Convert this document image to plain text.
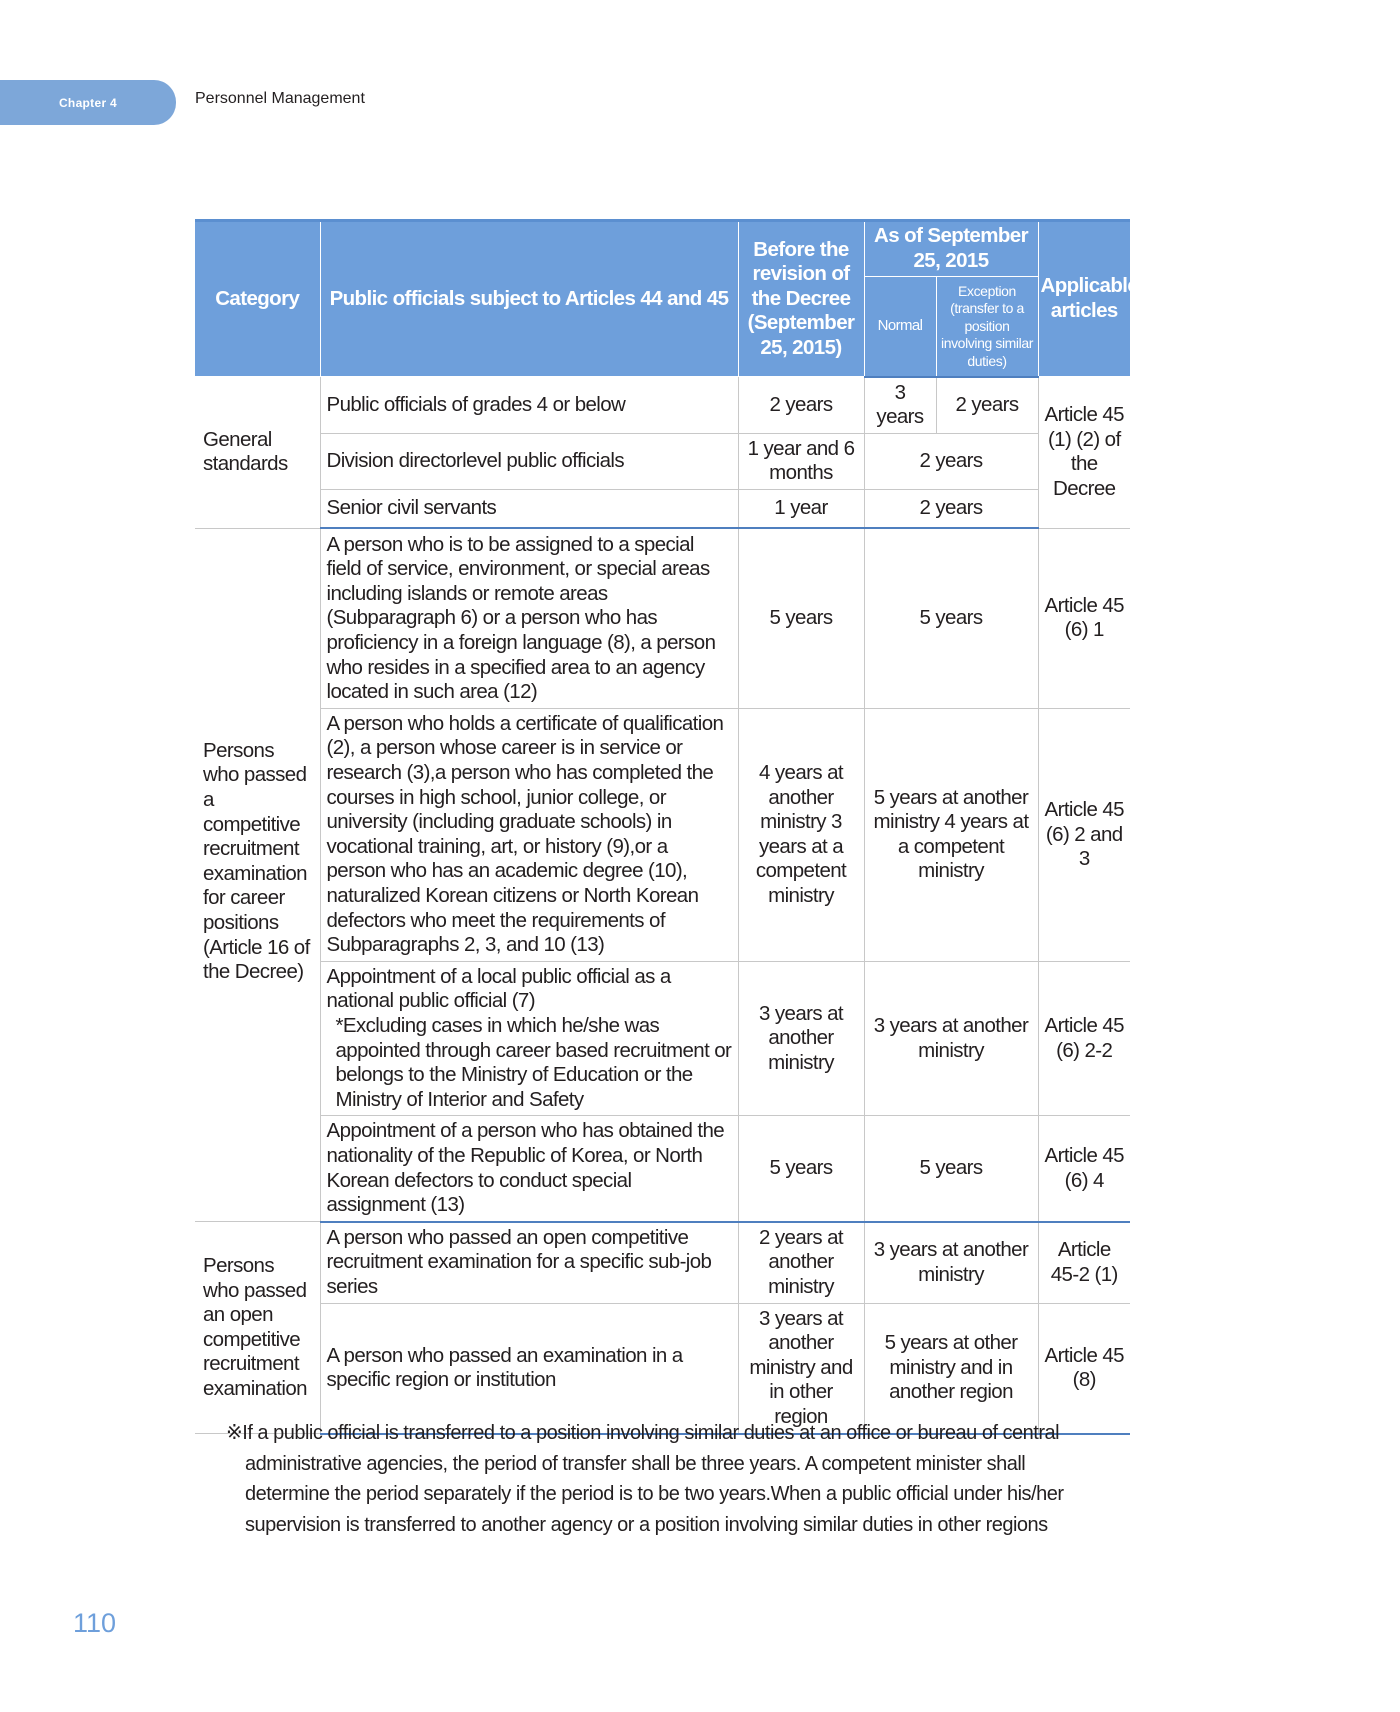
Chapter 4	Personnel Management
Category	Public officials subject to Articles 44 and 45	Before the revision of the Decree (September 25, 2015)	As of September 25, 2015		Applicable articles
			Normal	Exception (transfer to a position involving similar duties)	
General standards	Public officials of grades 4 or below	2 years	3 years	2 years	Article 45 (1) (2) of the Decree
	Division directorlevel public officials	1 year and 6 months	2 years		
	Senior civil servants	1 year	2 years		
Persons who passed a competitive recruitment examination for career positions (Article 16 of the Decree)	A person who is to be assigned to a special field of service, environment, or special areas including islands or remote areas (Subparagraph 6) or a person who has proficiency in a foreign language (8), a person who resides in a specified area to an agency located in such area (12)	5 years	5 years		Article 45 (6) 1
	A person who holds a certificate of qualification (2), a person whose career is in service or research (3),a person who has completed the courses in high school, junior college, or university (including graduate schools) in vocational training, art, or history (9),or a person who has an academic degree (10), naturalized Korean citizens or North Korean defectors who meet the requirements of Subparagraphs 2, 3, and 10 (13)	4 years at another ministry 3 years at a competent ministry	5 years at another ministry 4 years at a competent ministry		Article 45 (6) 2 and 3

	Appointment of a local public official as a national public official (7)
*Excluding cases in which he/she was appointed through career based recruitment or belongs to the Ministry of Education or the Ministry of Interior and Safety	3 years at another ministry	3 years at another ministry		Article 45 (6) 2-2
	Appointment of a person who has obtained the nationality of the Republic of Korea, or North Korean defectors to conduct special assignment (13)	5 years	5 years		Article 45 (6) 4
Persons who passed an open competitive recruitment examination	A person who passed an open competitive recruitment examination for a specific sub-job series	2 years at another ministry	3 years at another ministry		Article 45-2 (1)
	A person who passed an examination in a specific region or institution	3 years at another ministry and in other region	5 years at other ministry and in another region		Article 45 (8)
※If a public official is transferred to a position involving similar duties at an office or bureau of central
administrative agencies, the period of transfer shall be three years. A competent minister shall
determine the period separately if the period is to be two years.When a public official under his/her
supervision is transferred to another agency or a position involving similar duties in other regions
110
